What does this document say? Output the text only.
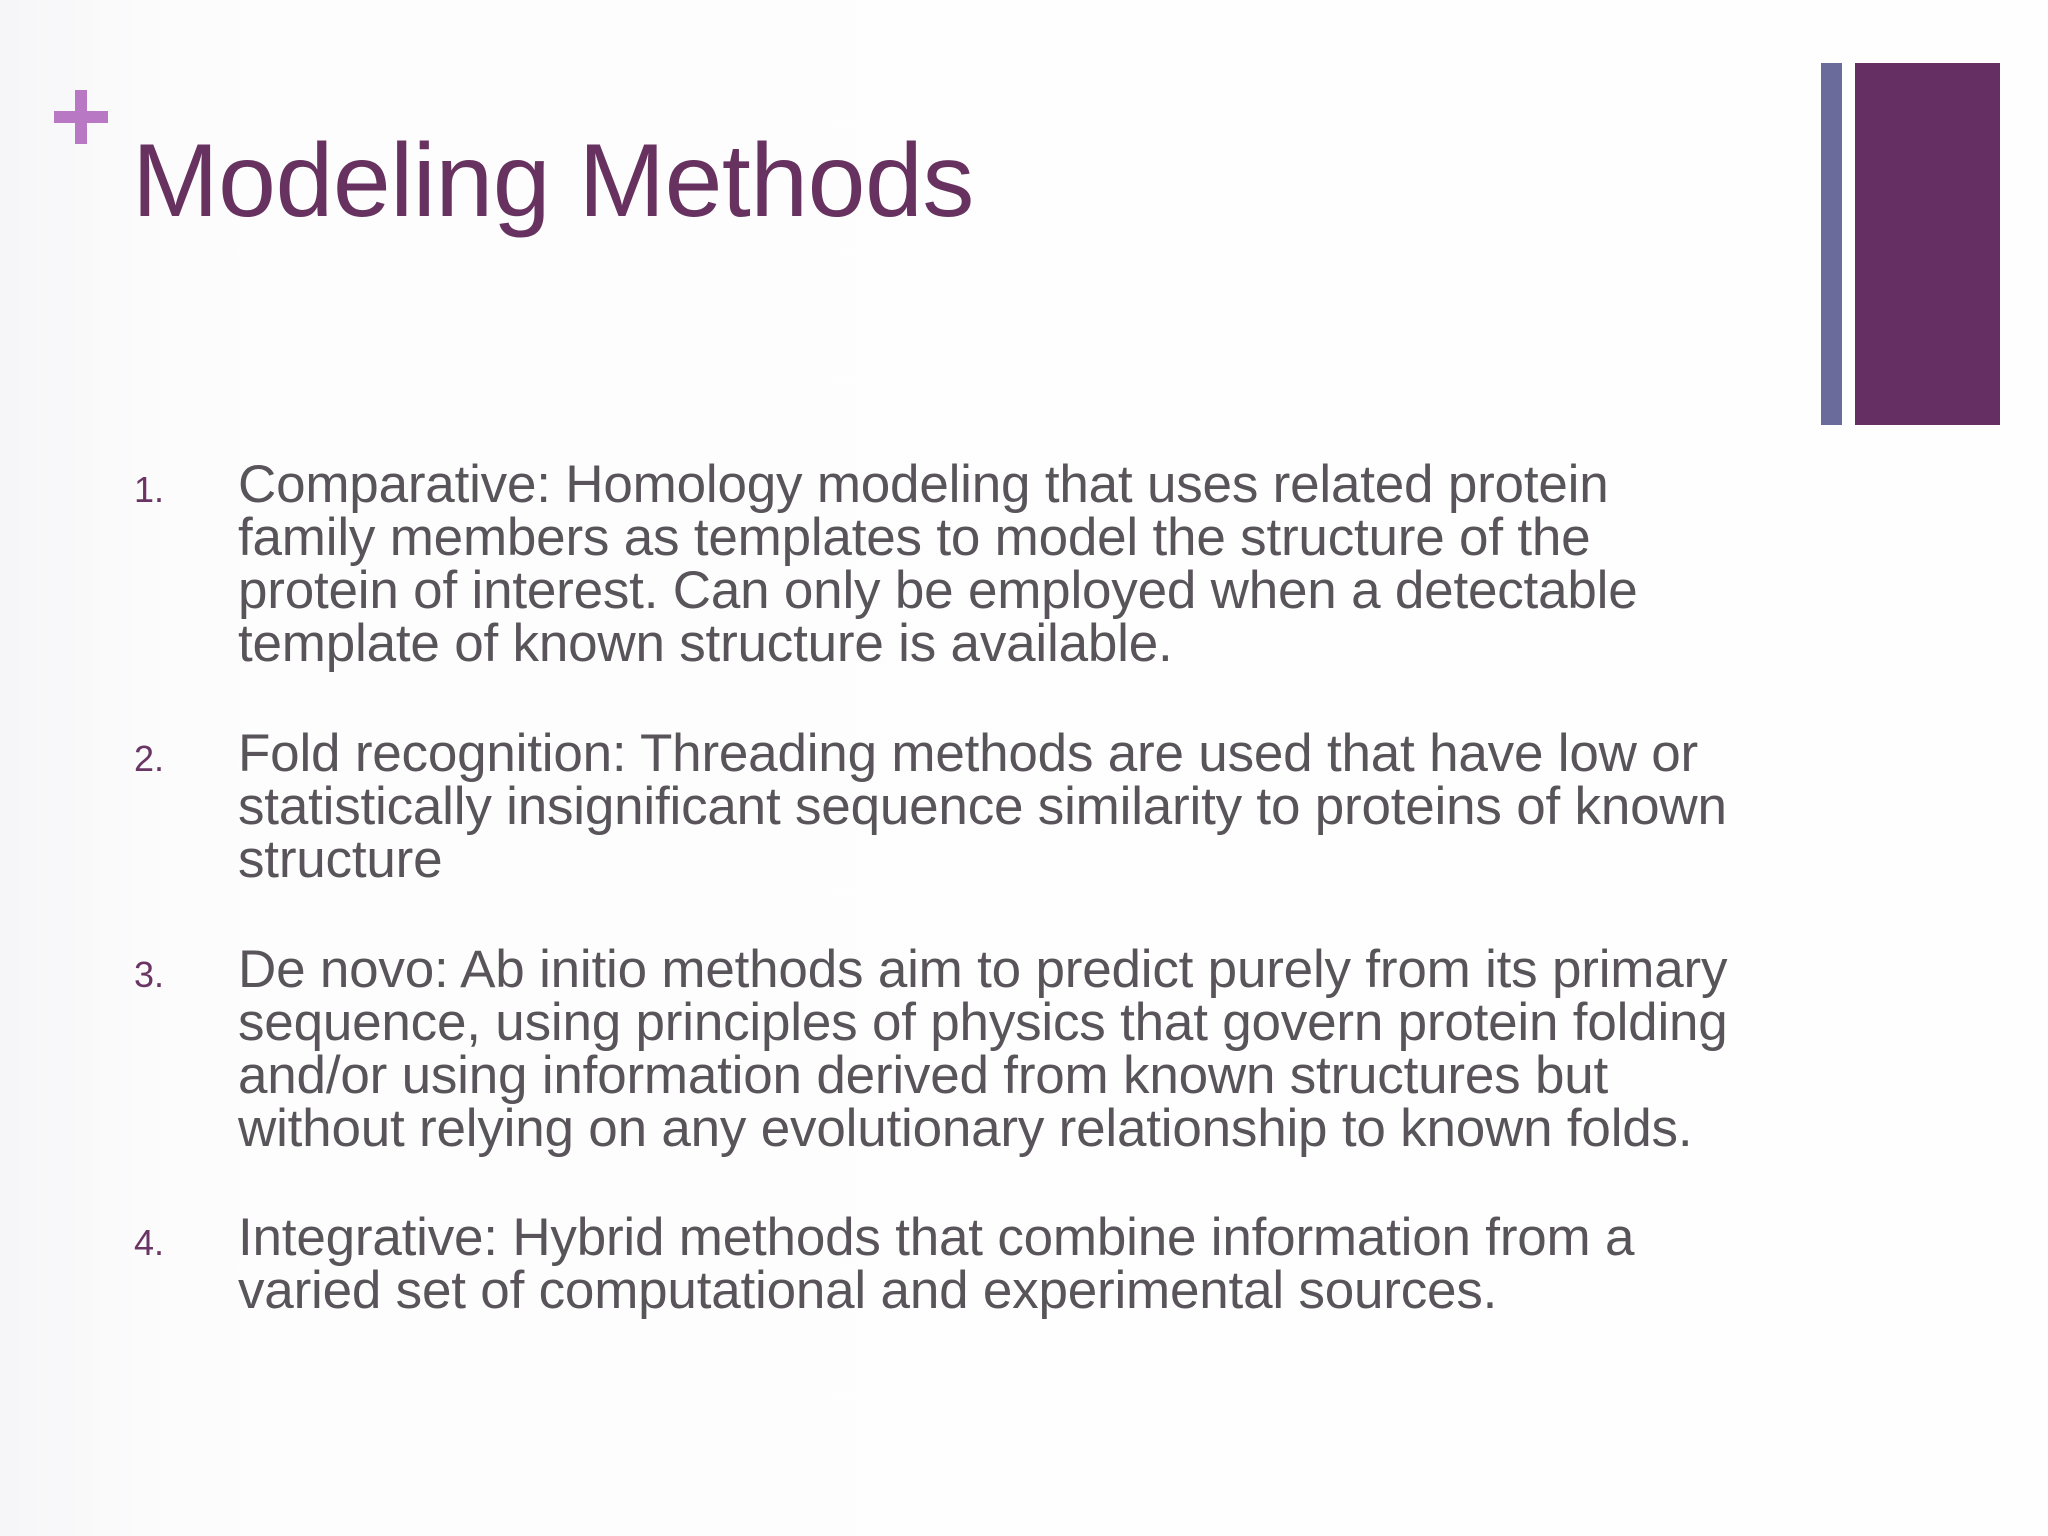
Modeling Methods
1. Comparative: Homology modeling that uses related protein
family members as templates to model the structure of the
protein of interest. Can only be employed when a detectable
template of known structure is available.
2. Fold recognition: Threading methods are used that have low or
statistically insignificant sequence similarity to proteins of known
structure
3. De novo: Ab initio methods aim to predict purely from its primary
sequence, using principles of physics that govern protein folding
and/or using information derived from known structures but
without relying on any evolutionary relationship to known folds.
4. Integrative: Hybrid methods that combine information from a
varied set of computational and experimental sources.
